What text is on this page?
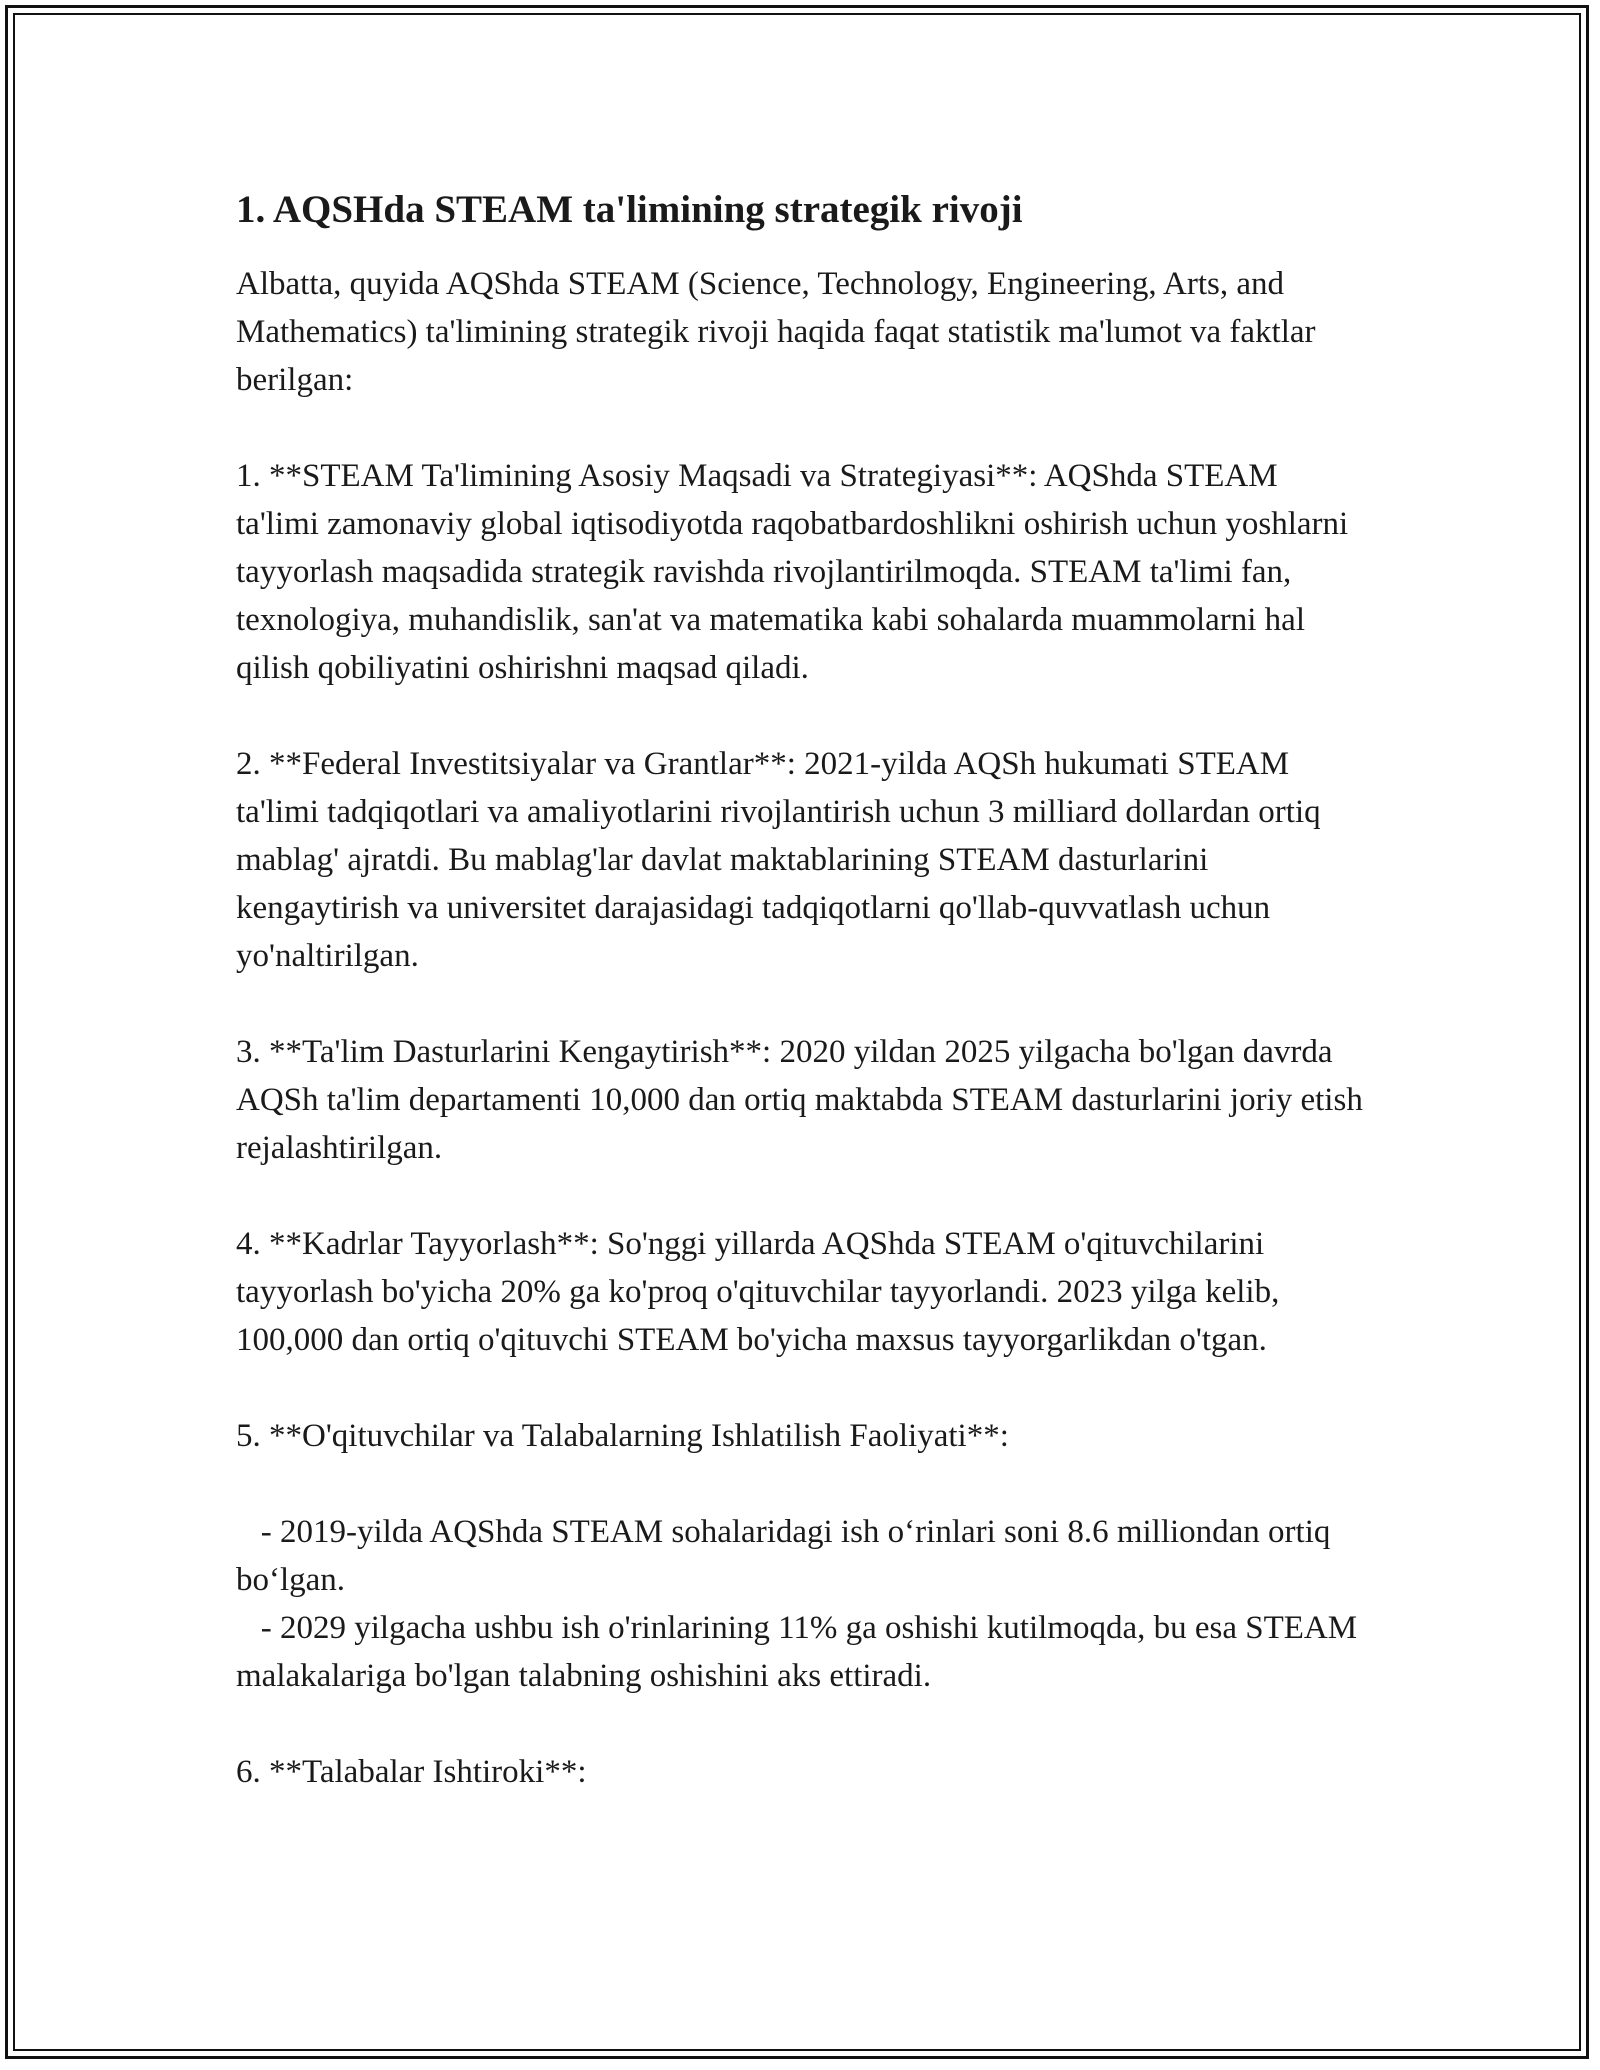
1. AQSHda STEAM ta'limining strategik rivoji

Albatta, quyida AQShda STEAM (Science, Technology, Engineering, Arts, and Mathematics) ta'limining strategik rivoji haqida faqat statistik ma'lumot va faktlar berilgan:

1. **STEAM Ta'limining Asosiy Maqsadi va Strategiyasi**: AQShda STEAM ta'limi zamonaviy global iqtisodiyotda raqobatbardoshlikni oshirish uchun yoshlarni tayyorlash maqsadida strategik ravishda rivojlantirilmoqda. STEAM ta'limi fan, texnologiya, muhandislik, san'at va matematika kabi sohalarda muammolarni hal qilish qobiliyatini oshirishni maqsad qiladi.

2. **Federal Investitsiyalar va Grantlar**: 2021-yilda AQSh hukumati STEAM ta'limi tadqiqotlari va amaliyotlarini rivojlantirish uchun 3 milliard dollardan ortiq mablag' ajratdi. Bu mablag'lar davlat maktablarining STEAM dasturlarini kengaytirish va universitet darajasidagi tadqiqotlarni qo'llab-quvvatlash uchun yo'naltirilgan.

3. **Ta'lim Dasturlarini Kengaytirish**: 2020 yildan 2025 yilgacha bo'lgan davrda AQSh ta'lim departamenti 10,000 dan ortiq maktabda STEAM dasturlarini joriy etish rejalashtirilgan.

4. **Kadrlar Tayyorlash**: So'nggi yillarda AQShda STEAM o'qituvchilarini tayyorlash bo'yicha 20% ga ko'proq o'qituvchilar tayyorlandi. 2023 yilga kelib, 100,000 dan ortiq o'qituvchi STEAM bo'yicha maxsus tayyorgarlikdan o'tgan.

5. **O'qituvchilar va Talabalarning Ishlatilish Faoliyati**:

- 2019-yilda AQShda STEAM sohalaridagi ish o‘rinlari soni 8.6 milliondan ortiq bo‘lgan.

- 2029 yilgacha ushbu ish o'rinlarining 11% ga oshishi kutilmoqda, bu esa STEAM malakalariga bo'lgan talabning oshishini aks ettiradi.

6. **Talabalar Ishtiroki**:
